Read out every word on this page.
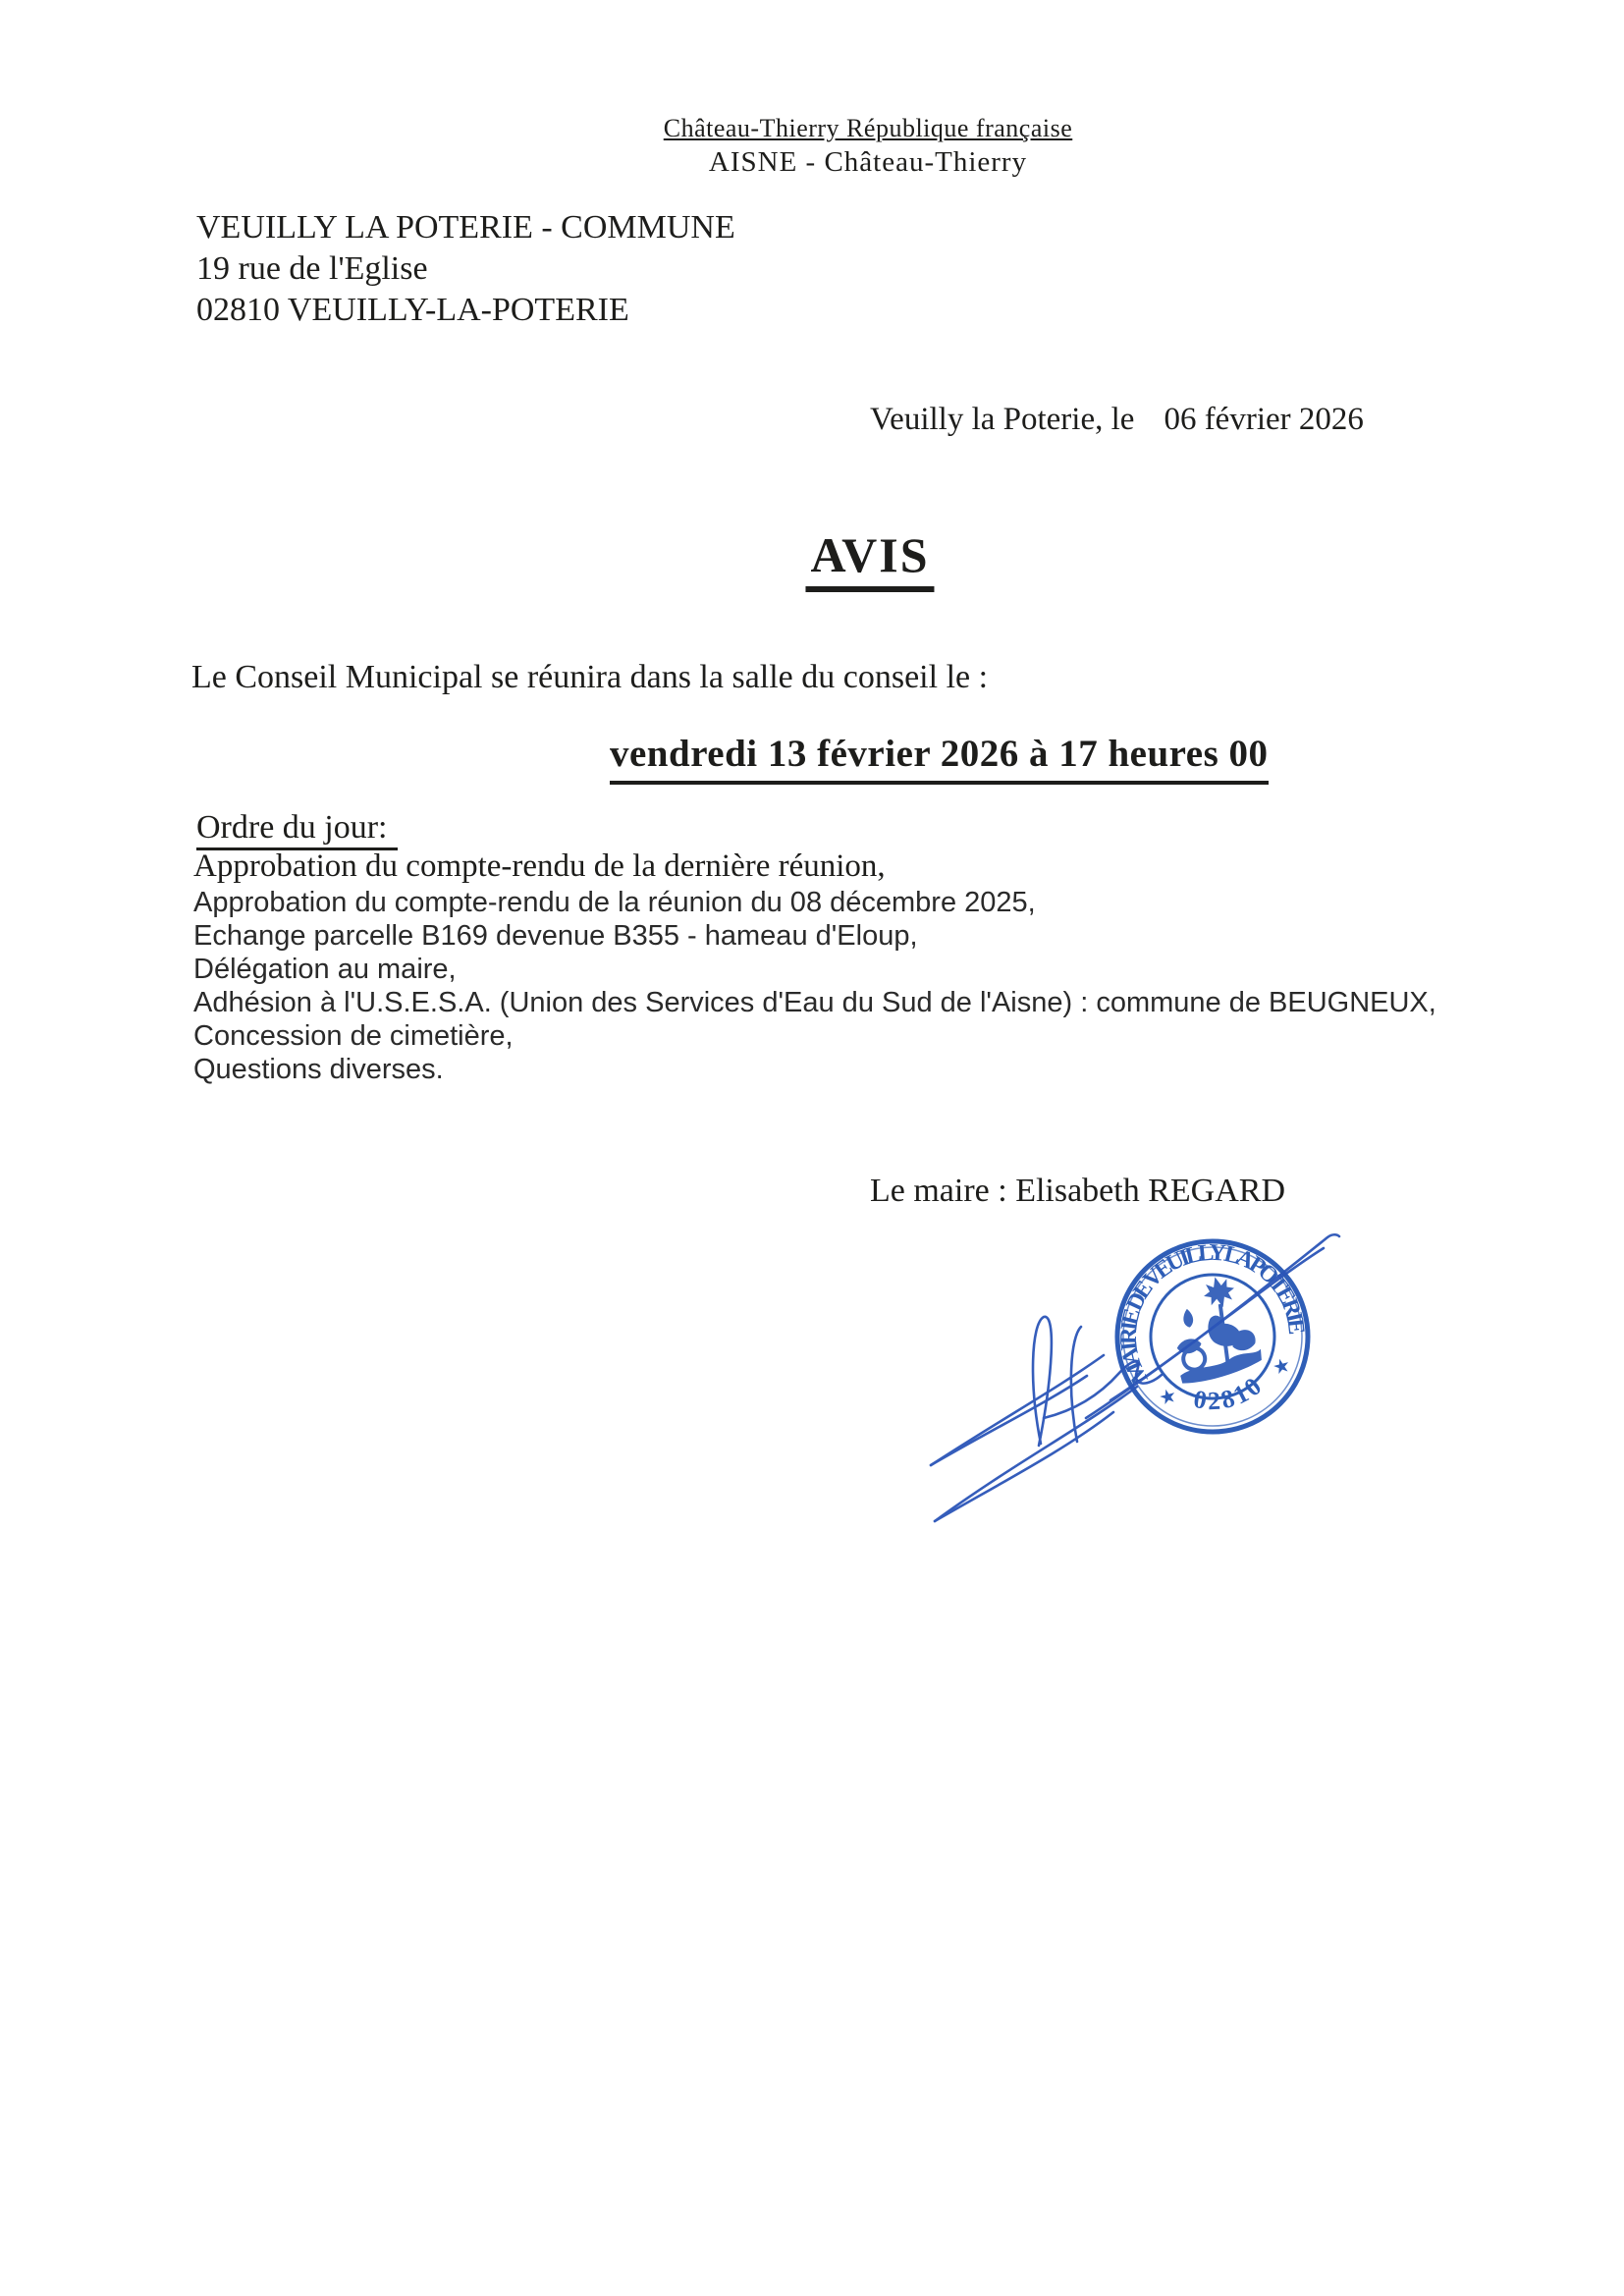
Château-Thierry République française
AISNE - Château-Thierry
VEUILLY LA POTERIE - COMMUNE
19 rue de l'Eglise
02810 VEUILLY-LA-POTERIE
Veuilly la Poterie, le 06 février 2026
AVIS
Le Conseil Municipal se réunira dans la salle du conseil le :
vendredi 13 février 2026 à 17 heures 00
Ordre du jour:
Approbation du compte-rendu de la dernière réunion,
Approbation du compte-rendu de la réunion du 08 décembre 2025,
Echange parcelle B169 devenue B355 - hameau d'Eloup,
Délégation au maire,
Adhésion à l'U.S.E.S.A. (Union des Services d'Eau du Sud de l'Aisne) : commune de BEUGNEUX,
Concession de cimetière,
Questions diverses.
Le maire : Elisabeth REGARD
MAIRIE DE VEUILLY LA POTERIE
02810
★
★
